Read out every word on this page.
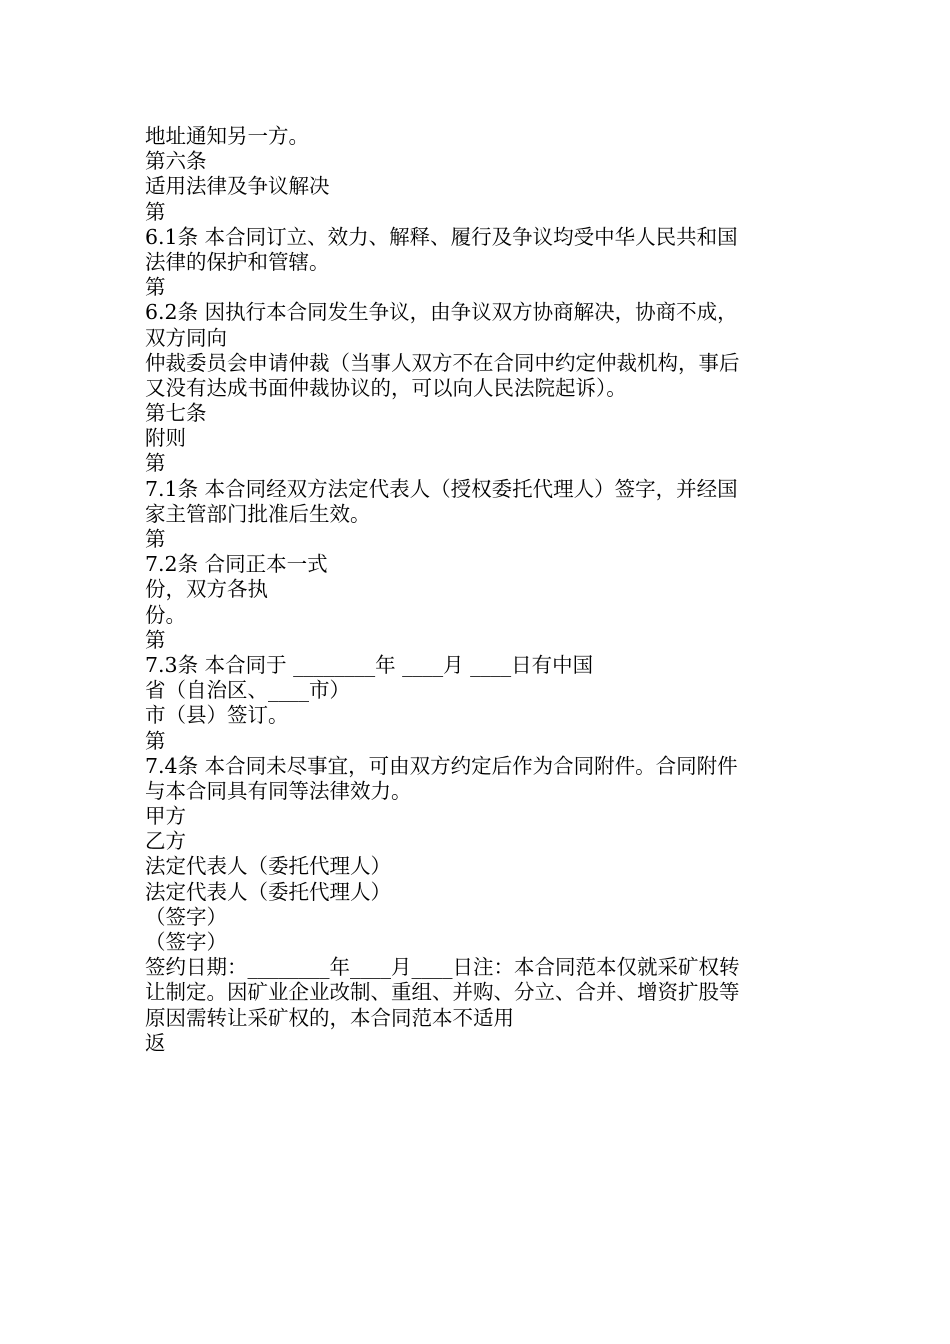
地址通知另一方。
第六条
适用法律及争议解决
第
6.1条 本合同订立、效力、解释、履行及争议均受中华人民共和国
法律的保护和管辖。
第
6.2条 因执行本合同发生争议，由争议双方协商解决，协商不成，
双方同向
仲裁委员会申请仲裁（当事人双方不在合同中约定仲裁机构，事后
又没有达成书面仲裁协议的，可以向人民法院起诉）。
第七条
附则
第
7.1条 本合同经双方法定代表人（授权委托代理人）签字，并经国
家主管部门批准后生效。
第
7.2条 合同正本一式
份，双方各执
份。
第
7.3条 本合同于 ________年 ____月 ____日有中国
省（自治区、____市）
市（县）签订。
第
7.4条 本合同未尽事宜，可由双方约定后作为合同附件。合同附件
与本合同具有同等法律效力。
甲方
乙方
法定代表人（委托代理人）
法定代表人（委托代理人）
（签字）
（签字）
签约日期：________年____月____日注：本合同范本仅就采矿权转
让制定。因矿业企业改制、重组、并购、分立、合并、增资扩股等
原因需转让采矿权的，本合同范本不适用
返
